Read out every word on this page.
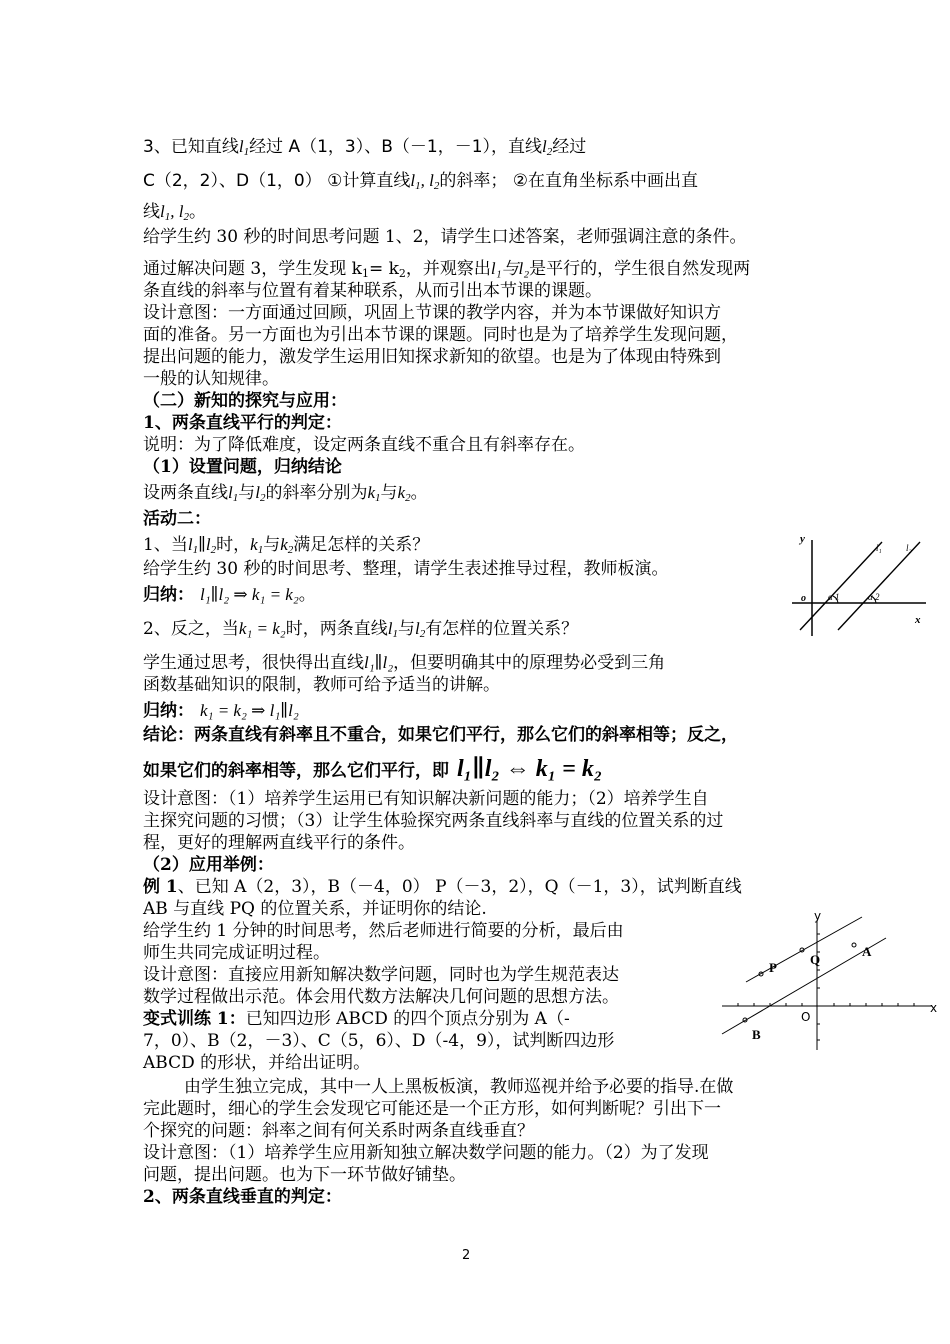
3、已知直线$l_1$经过 A（1，3）、B（－1，－1），直线$l_2$经过
C（2，2）、D（1，0） ①计算直线$l_1$, $l_2$的斜率； ②在直角坐标系中画出直
线$l_1$, $l_2$。
给学生约 30 秒的时间思考问题 1、2，请学生口述答案，老师强调注意的条件。
通过解决问题 3，学生发现 $k_1= k_2$，并观察出l₁与l₂是平行的，学生很自然发现两
条直线的斜率与位置有着某种联系，从而引出本节课的课题。
设计意图：一方面通过回顾，巩固上节课的教学内容，并为本节课做好知识方
面的准备。另一方面也为引出本节课的课题。同时也是为了培养学生发现问题，
提出问题的能力，激发学生运用旧知探求新知的欲望。也是为了体现由特殊到
一般的认知规律。
（二）新知的探究与应用：
1、两条直线平行的判定：
说明：为了降低难度，设定两条直线不重合且有斜率存在。
（1）设置问题，归纳结论
设两条直线$l_1$与$l_2$的斜率分别为$k_1$与$k_2$。
活动二：
1、当$l_1\parallel l_2$时，$k_1$与$k_2$满足怎样的关系？
给学生约 30 秒的时间思考、整理，请学生表述推导过程，教师板演。
归纳： l₁∥l₂ ⇒ k₁ = k₂。
2、反之，当k₁ = k₂时，两条直线$l_1$与$l_2$有怎样的位置关系？
学生通过思考，很快得出直线l₁∥l₂，但要明确其中的原理势必受到三角
函数基础知识的限制，教师可给予适当的讲解。
归纳： k₁ = k₂ ⇒ l₁∥l₂
结论：两条直线有斜率且不重合，如果它们平行，那么它们的斜率相等；反之，
如果它们的斜率相等，那么它们平行，即 l₁∥l₂ ⇔ k₁ = k₂
设计意图：（1）培养学生运用已有知识解决新问题的能力；（2）培养学生自
主探究问题的习惯；（3）让学生体验探究两条直线斜率与直线的位置关系的过
程，更好的理解两直线平行的条件。
（2）应用举例：
例 1、已知 A（2，3），B（－4，0） P（－3，2），Q（－1，3），试判断直线
AB 与直线 PQ 的位置关系，并证明你的结论.
给学生约 1 分钟的时间思考，然后老师进行简要的分析，最后由
师生共同完成证明过程。
设计意图：直接应用新知解决数学问题，同时也为学生规范表达
数学过程做出示范。体会用代数方法解决几何问题的思想方法。
变式训练 1：已知四边形 ABCD 的四个顶点分别为 A（-
7，0）、B（2，－3）、C（5，6）、D（-4，9），试判断四边形
ABCD 的形状，并给出证明。
由学生独立完成，其中一人上黑板板演，教师巡视并给予必要的指导.在做
完此题时，细心的学生会发现它可能还是一个正方形，如何判断呢？引出下一
个探究的问题：斜率之间有何关系时两条直线垂直？
设计意图：（1）培养学生应用新知独立解决数学问题的能力。（2）为了发现
问题，提出问题。也为下一环节做好铺垫。
2、两条直线垂直的判定：
y
x
o
l₁	l₂
α 1	α 2
y
x
O
Q
A
P
B
2
